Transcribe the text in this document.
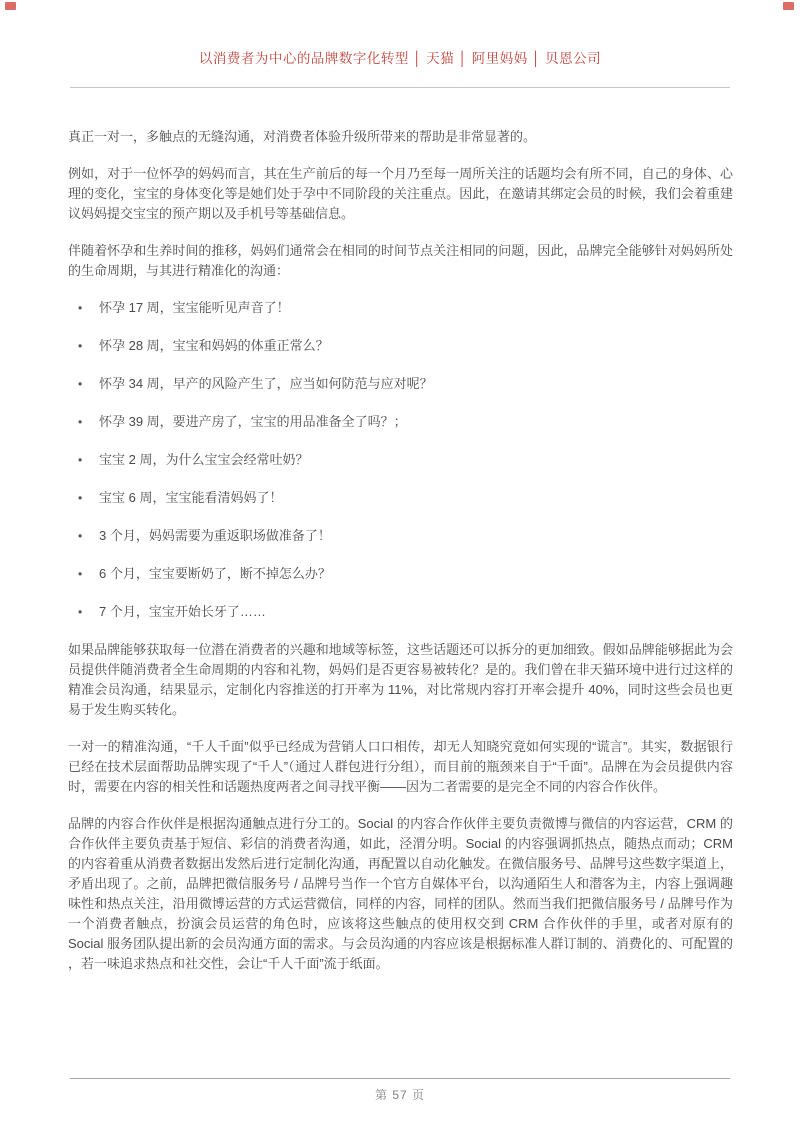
以消费者为中心的品牌数字化转型 │ 天猫 │ 阿里妈妈 │ 贝恩公司

真正一对一，多触点的无缝沟通，对消费者体验升级所带来的帮助是非常显著的。

例如，对于一位怀孕的妈妈而言，其在生产前后的每一个月乃至每一周所关注的话题均会有所不同，自己的身体、心理的变化，宝宝的身体变化等是她们处于孕中不同阶段的关注重点。因此，在邀请其绑定会员的时候，我们会着重建议妈妈提交宝宝的预产期以及手机号等基础信息。

伴随着怀孕和生养时间的推移，妈妈们通常会在相同的时间节点关注相同的问题，因此，品牌完全能够针对妈妈所处的生命周期，与其进行精准化的沟通：

• 怀孕 17 周，宝宝能听见声音了！
• 怀孕 28 周，宝宝和妈妈的体重正常么？
• 怀孕 34 周，早产的风险产生了，应当如何防范与应对呢？
• 怀孕 39 周，要进产房了，宝宝的用品准备全了吗？；
• 宝宝 2 周，为什么宝宝会经常吐奶？
• 宝宝 6 周，宝宝能看清妈妈了！
• 3 个月，妈妈需要为重返职场做准备了！
• 6 个月，宝宝要断奶了，断不掉怎么办？
• 7 个月，宝宝开始长牙了……

如果品牌能够获取每一位潜在消费者的兴趣和地域等标签，这些话题还可以拆分的更加细致。假如品牌能够据此为会员提供伴随消费者全生命周期的内容和礼物，妈妈们是否更容易被转化？是的。我们曾在非天猫环境中进行过这样的精准会员沟通，结果显示，定制化内容推送的打开率为 11%，对比常规内容打开率会提升 40%，同时这些会员也更易于发生购买转化。

一对一的精准沟通，“千人千面”似乎已经成为营销人口口相传，却无人知晓究竟如何实现的“谎言”。其实，数据银行已经在技术层面帮助品牌实现了“千人”（通过人群包进行分组），而目前的瓶颈来自于“千面”。品牌在为会员提供内容时，需要在内容的相关性和话题热度两者之间寻找平衡——因为二者需要的是完全不同的内容合作伙伴。

品牌的内容合作伙伴是根据沟通触点进行分工的。Social 的内容合作伙伴主要负责微博与微信的内容运营，CRM 的合作伙伴主要负责基于短信、彩信的消费者沟通，如此，泾渭分明。Social 的内容强调抓热点，随热点而动；CRM 的内容着重从消费者数据出发然后进行定制化沟通，再配置以自动化触发。在微信服务号、品牌号这些数字渠道上，矛盾出现了。之前，品牌把微信服务号 / 品牌号当作一个官方自媒体平台，以沟通陌生人和潜客为主，内容上强调趣味性和热点关注，沿用微博运营的方式运营微信，同样的内容，同样的团队。然而当我们把微信服务号 / 品牌号作为一个消费者触点，扮演会员运营的角色时，应该将这些触点的使用权交到 CRM 合作伙伴的手里，或者对原有的 Social 服务团队提出新的会员沟通方面的需求。与会员沟通的内容应该是根据标准人群订制的、消费化的、可配置的 ，若一味追求热点和社交性，会让“千人千面”流于纸面。

第 57 页
